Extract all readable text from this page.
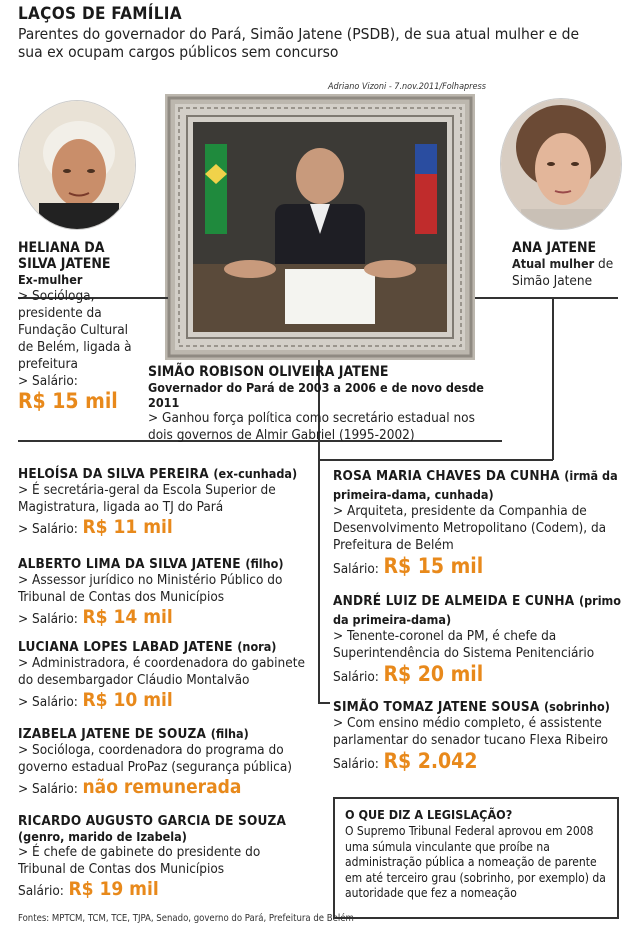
LAÇOS DE FAMÍLIA
Parentes do governador do Pará, Simão Jatene (PSDB), de sua atual mulher e de sua ex ocupam cargos públicos sem concurso
Adriano Vizoni - 7.nov.2011/Folhapress
HELIANA DA
SILVA JATENE
Ex-mulher
> Socióloga, presidente da Fundação Cultural de Belém, ligada à prefeitura
> Salário:
R$ 15 mil
ANA JATENE
Atual mulher de Simão Jatene
SIMÃO ROBISON OLIVEIRA JATENE
Governador do Pará de 2003 a 2006 e de novo desde 2011
> Ganhou força política como secretário estadual nos dois governos de Almir Gabriel (1995-2002)
HELOÍSA DA SILVA PEREIRA (ex-cunhada)
> É secretária-geral da Escola Superior de Magistratura, ligada ao TJ do Pará
> Salário: R$ 11 mil
ALBERTO LIMA DA SILVA JATENE (filho)
> Assessor jurídico no Ministério Público do Tribunal de Contas dos Municípios
> Salário: R$ 14 mil
LUCIANA LOPES LABAD JATENE (nora)
> Administradora, é coordenadora do gabinete do desembargador Cláudio Montalvão
> Salário: R$ 10 mil
IZABELA JATENE DE SOUZA (filha)
> Socióloga, coordenadora do programa do governo estadual ProPaz (segurança pública)
> Salário: não remunerada
RICARDO AUGUSTO GARCIA DE SOUZA
(genro, marido de Izabela)
> É chefe de gabinete do presidente do Tribunal de Contas dos Municípios
Salário: R$ 19 mil
ROSA MARIA CHAVES DA CUNHA (irmã da primeira-dama, cunhada)
> Arquiteta, presidente da Companhia de Desenvolvimento Metropolitano (Codem), da Prefeitura de Belém
Salário: R$ 15 mil
ANDRÉ LUIZ DE ALMEIDA E CUNHA (primo da primeira-dama)
> Tenente-coronel da PM, é chefe da Superintendência do Sistema Penitenciário
Salário: R$ 20 mil
SIMÃO TOMAZ JATENE SOUSA (sobrinho)
> Com ensino médio completo, é assistente parlamentar do senador tucano Flexa Ribeiro
Salário: R$ 2.042
O QUE DIZ A LEGISLAÇÃO?
O Supremo Tribunal Federal aprovou em 2008 uma súmula vinculante que proíbe na administração pública a nomeação de parente em até terceiro grau (sobrinho, por exemplo) da autoridade que fez a nomeação
Fontes: MPTCM, TCM, TCE, TJPA, Senado, governo do Pará, Prefeitura de Belém
